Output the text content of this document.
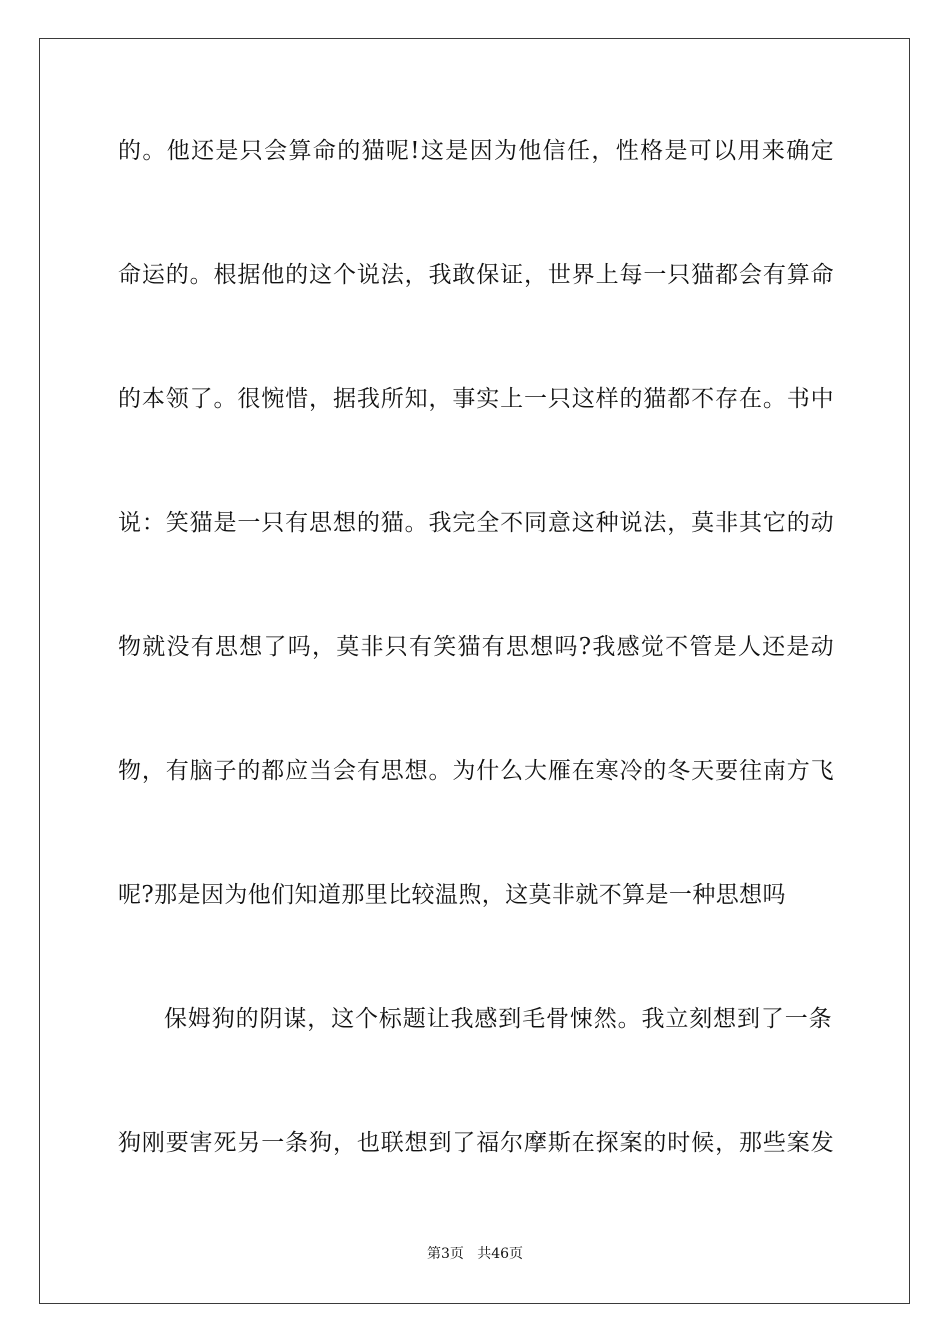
的。他还是只会算命的猫呢!这是因为他信任，性格是可以用来确定
命运的。根据他的这个说法，我敢保证，世界上每一只猫都会有算命
的本领了。很惋惜，据我所知，事实上一只这样的猫都不存在。书中
说：笑猫是一只有思想的猫。我完全不同意这种说法，莫非其它的动
物就没有思想了吗，莫非只有笑猫有思想吗?我感觉不管是人还是动
物，有脑子的都应当会有思想。为什么大雁在寒冷的冬天要往南方飞
呢?那是因为他们知道那里比较温煦，这莫非就不算是一种思想吗
保姆狗的阴谋，这个标题让我感到毛骨悚然。我立刻想到了一条
狗刚要害死另一条狗，也联想到了福尔摩斯在探案的时候，那些案发
第3页   共46页
